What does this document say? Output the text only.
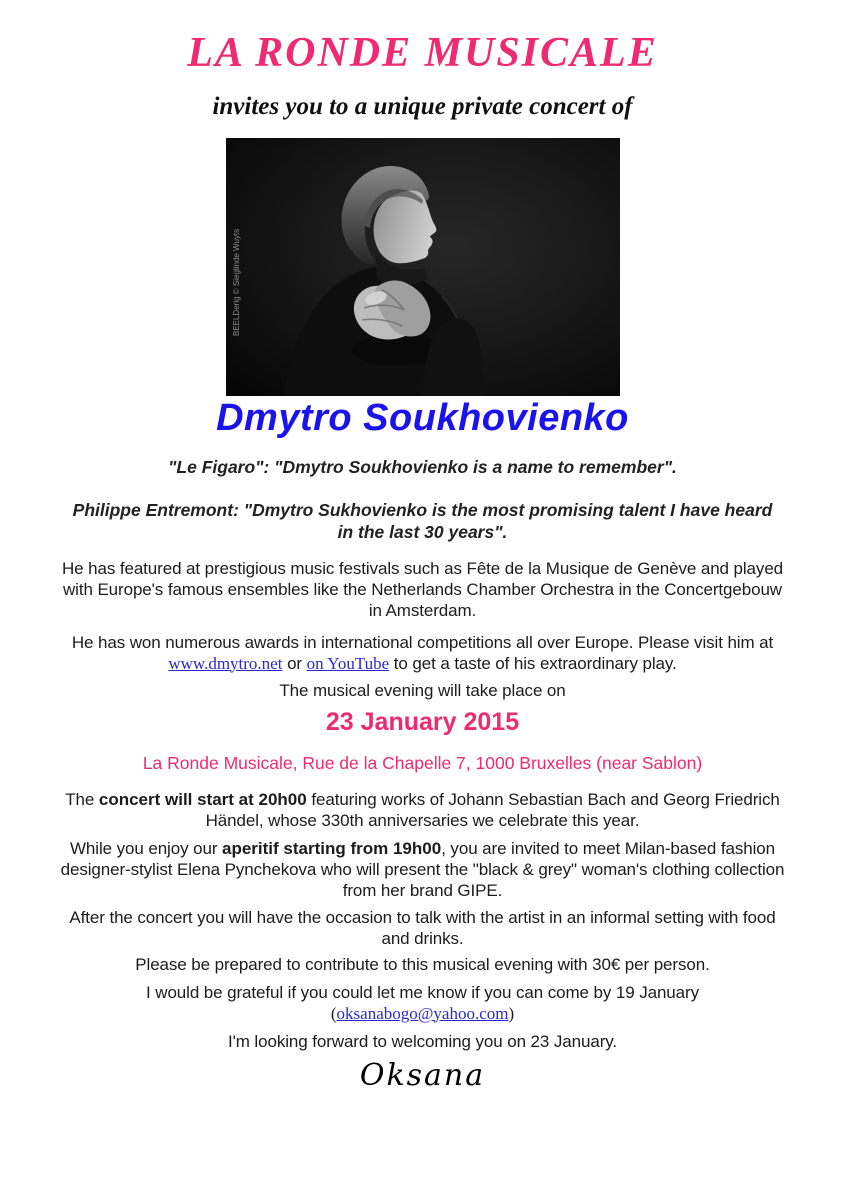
LA RONDE MUSICALE
invites you to a unique private concert of
BEELDerig © Sieglinde Wuyts
Dmytro Soukhovienko
"Le Figaro": "Dmytro Soukhovienko is a name to remember".
Philippe Entremont: "Dmytro Sukhovienko is the most promising talent I have heard in the last 30 years".

He has featured at prestigious music festivals such as Fête de la Musique de Genève and played with Europe's famous ensembles like the Netherlands Chamber Orchestra in the Concertgebouw in Amsterdam.

He has won numerous awards in international competitions all over Europe. Please visit him at www.dmytro.net or on YouTube to get a taste of his extraordinary play.

The musical evening will take place on

23 January 2015
La Ronde Musicale, Rue de la Chapelle 7, 1000 Bruxelles (near Sablon)

The concert will start at 20h00 featuring works of Johann Sebastian Bach and Georg Friedrich Händel, whose 330th anniversaries we celebrate this year.

While you enjoy our aperitif starting from 19h00, you are invited to meet Milan-based fashion designer-stylist Elena Pynchekova who will present the "black & grey" woman's clothing collection from her brand GIPE.

After the concert you will have the occasion to talk with the artist in an informal setting with food and drinks.

Please be prepared to contribute to this musical evening with 30€ per person.

I would be grateful if you could let me know if you can come by 19 January
(oksanabogo@yahoo.com)

I'm looking forward to welcoming you on 23 January.

Oksana
